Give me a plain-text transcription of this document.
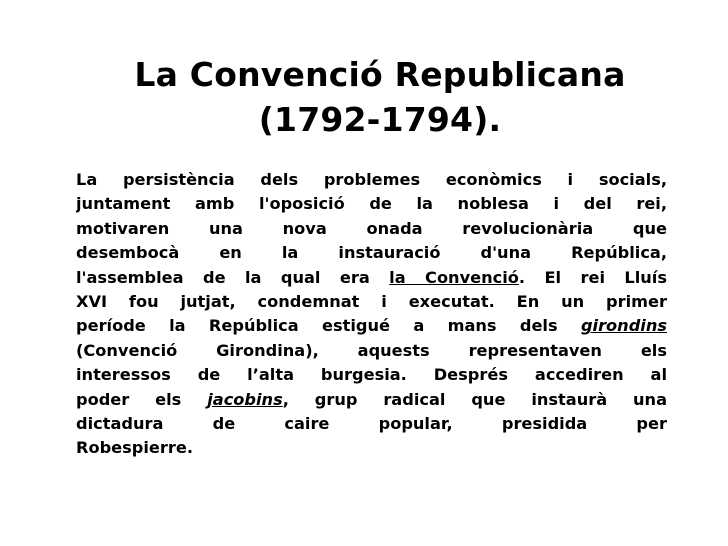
La Convenció Republicana
(1792-1794).
La persistència dels problemes econòmics i socials,
juntament amb l'oposició de la noblesa i del rei,
motivaren una nova onada revolucionària que
desembocà en la instauració d'una República,
l'assemblea de la qual era la Convenció. El rei Lluís
XVI fou jutjat, condemnat i executat. En un primer
període la República estigué a mans dels girondins
(Convenció Girondina), aquests representaven els
interessos de l’alta burgesia. Després accediren al
poder els jacobins, grup radical que instaurà una
dictadura de caire popular, presidida per
Robespierre.
